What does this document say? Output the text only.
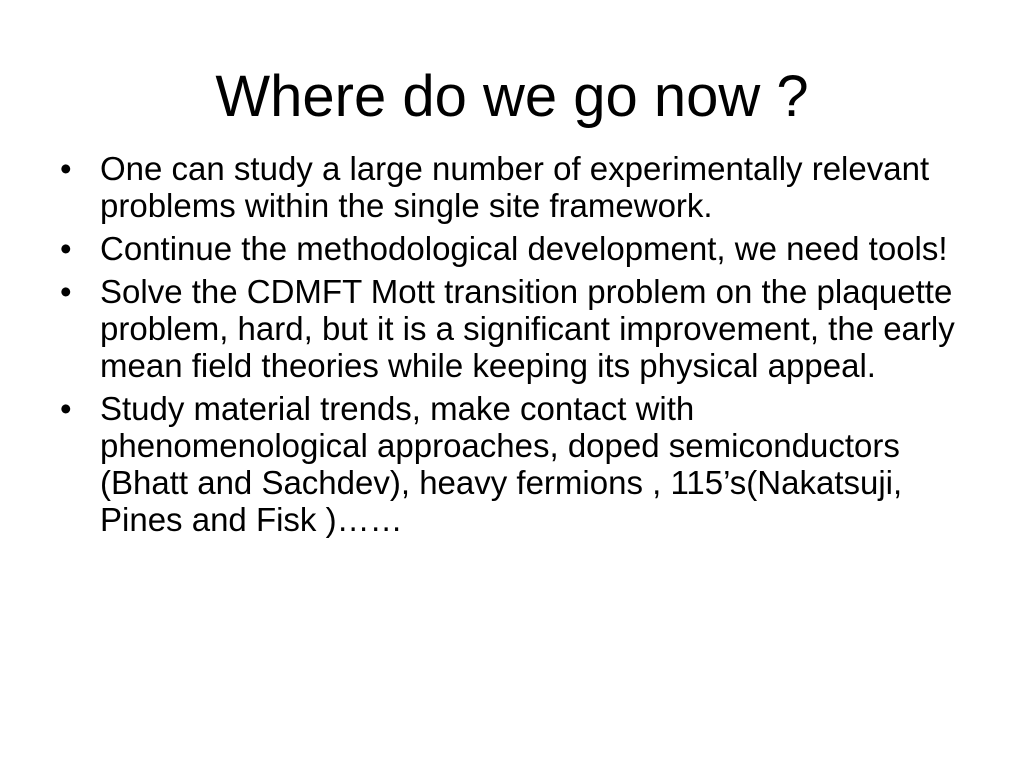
Where do we go now ?
• One can study a large number of experimentally relevant problems within the single site framework.
• Continue the methodological development, we need tools!
• Solve the CDMFT Mott transition problem on the plaquette problem, hard, but it is a significant improvement, the early mean field theories while keeping its physical appeal.
• Study material trends, make contact with phenomenological approaches, doped semiconductors (Bhatt and Sachdev), heavy fermions , 115’s(Nakatsuji, Pines and Fisk )……
